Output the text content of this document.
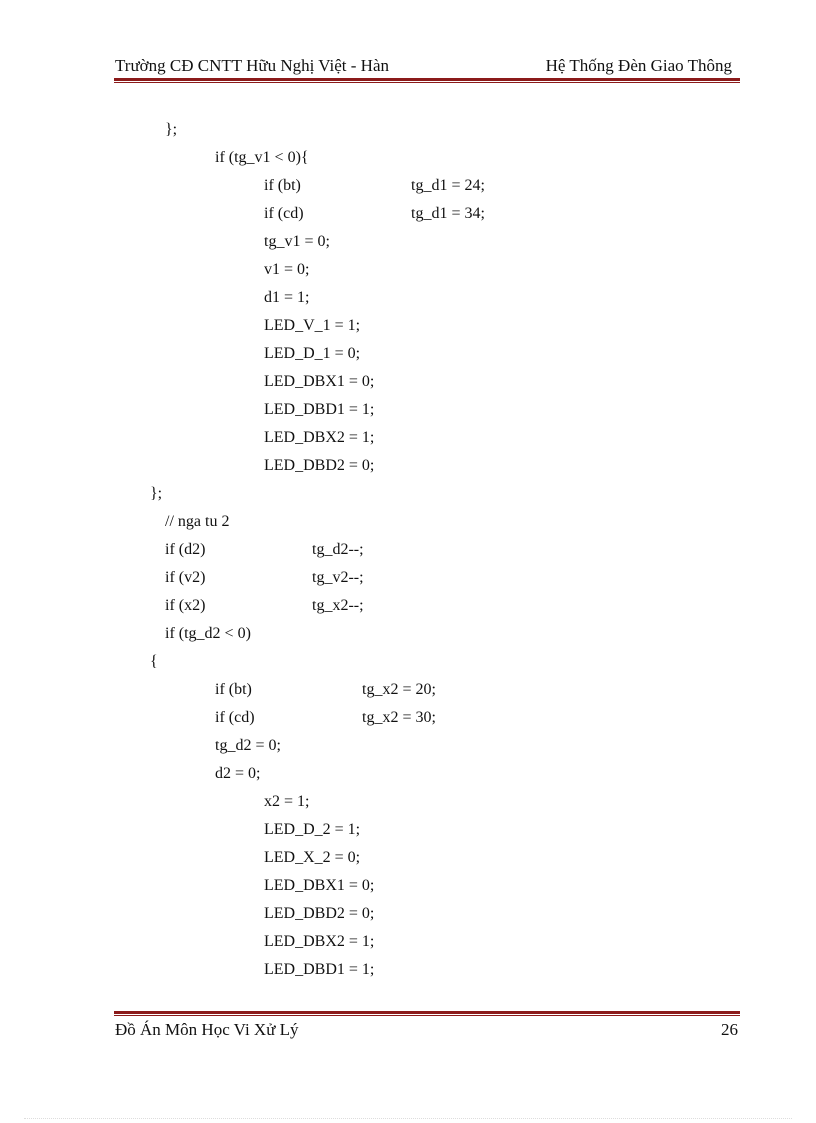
Trường CĐ CNTT Hữu Nghị Việt - Hàn	Hệ Thống Đèn Giao Thông

};

if (tg_v1 < 0){

if (bt)

	tg_d1 = 24;

if (cd)

	tg_d1 = 34;

tg_v1 = 0;

v1 = 0;

d1 = 1;

LED_V_1 = 1;

LED_D_1 = 0;

LED_DBX1 = 0;

LED_DBD1 = 1;

LED_DBX2 = 1;

LED_DBD2 = 0;

};

// nga tu 2

if (d2)

	tg_d2--;

if (v2)

	tg_v2--;

if (x2)

	tg_x2--;

if (tg_d2 < 0)

{

if (bt)

	tg_x2 = 20;

if (cd)

	tg_x2 = 30;

tg_d2 = 0;

d2 = 0;

x2 = 1;

LED_D_2 = 1;

LED_X_2 = 0;

LED_DBX1 = 0;

LED_DBD2 = 0;

LED_DBX2 = 1;

LED_DBD1 = 1;

Đồ Án Môn Học Vi Xử Lý	26
